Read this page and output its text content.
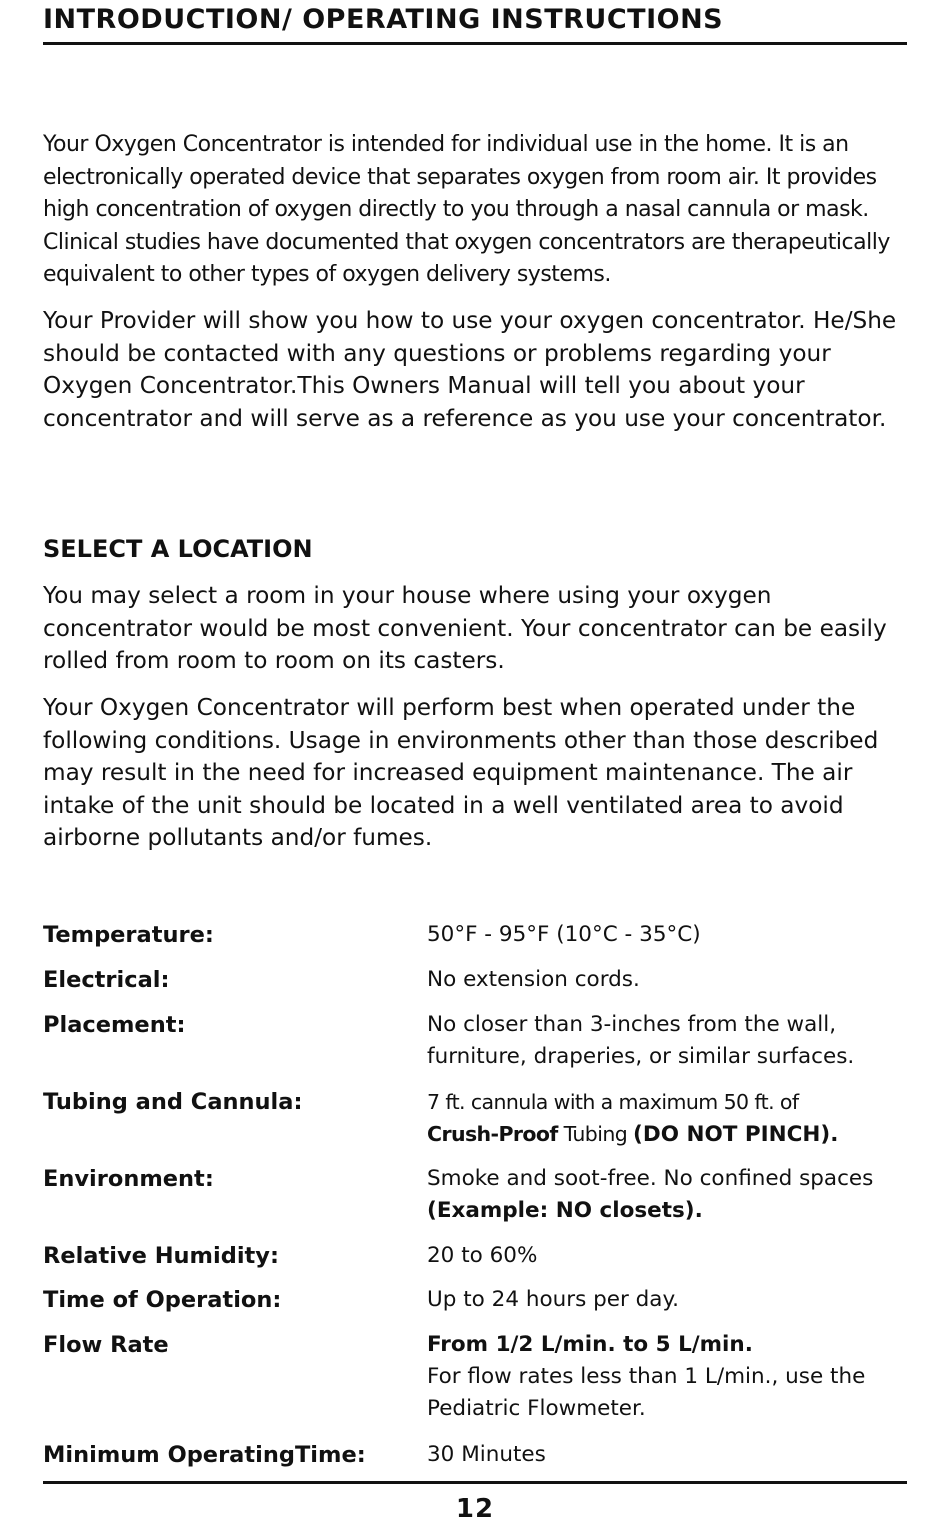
INTRODUCTION/ OPERATING INSTRUCTIONS

Your Oxygen Concentrator is intended for individual use in the home. It is an electronically operated device that separates oxygen from room air. It provides high concentration of oxygen directly to you through a nasal cannula or mask. Clinical studies have documented that oxygen concentrators are therapeutically equivalent to other types of oxygen delivery systems.

Your Provider will show you how to use your oxygen concentrator. He/She should be contacted with any questions or problems regarding your Oxygen Concentrator.This Owners Manual will tell you about your concentrator and will serve as a reference as you use your concentrator.

SELECT A LOCATION

You may select a room in your house where using your oxygen concentrator would be most convenient. Your concentrator can be easily rolled from room to room on its casters.

Your Oxygen Concentrator will perform best when operated under the following conditions. Usage in environments other than those described may result in the need for increased equipment maintenance. The air intake of the unit should be located in a well ventilated area to avoid airborne pollutants and/or fumes.

Temperature:	50°F - 95°F (10°C - 35°C)
Electrical:	No extension cords.
Placement:	No closer than 3-inches from the wall,
furniture, draperies, or similar surfaces.
Tubing and Cannula:	7 ft. cannula with a maximum 50 ft. of
Crush-Proof Tubing (DO NOT PINCH).
Environment:	Smoke and soot-free. No confined spaces
(Example: NO closets).
Relative Humidity:	20 to 60%
Time of Operation:	Up to 24 hours per day.
Flow Rate	From 1/2 L/min. to 5 L/min.
For flow rates less than 1 L/min., use the
Pediatric Flowmeter.
Minimum OperatingTime:	30 Minutes
12
